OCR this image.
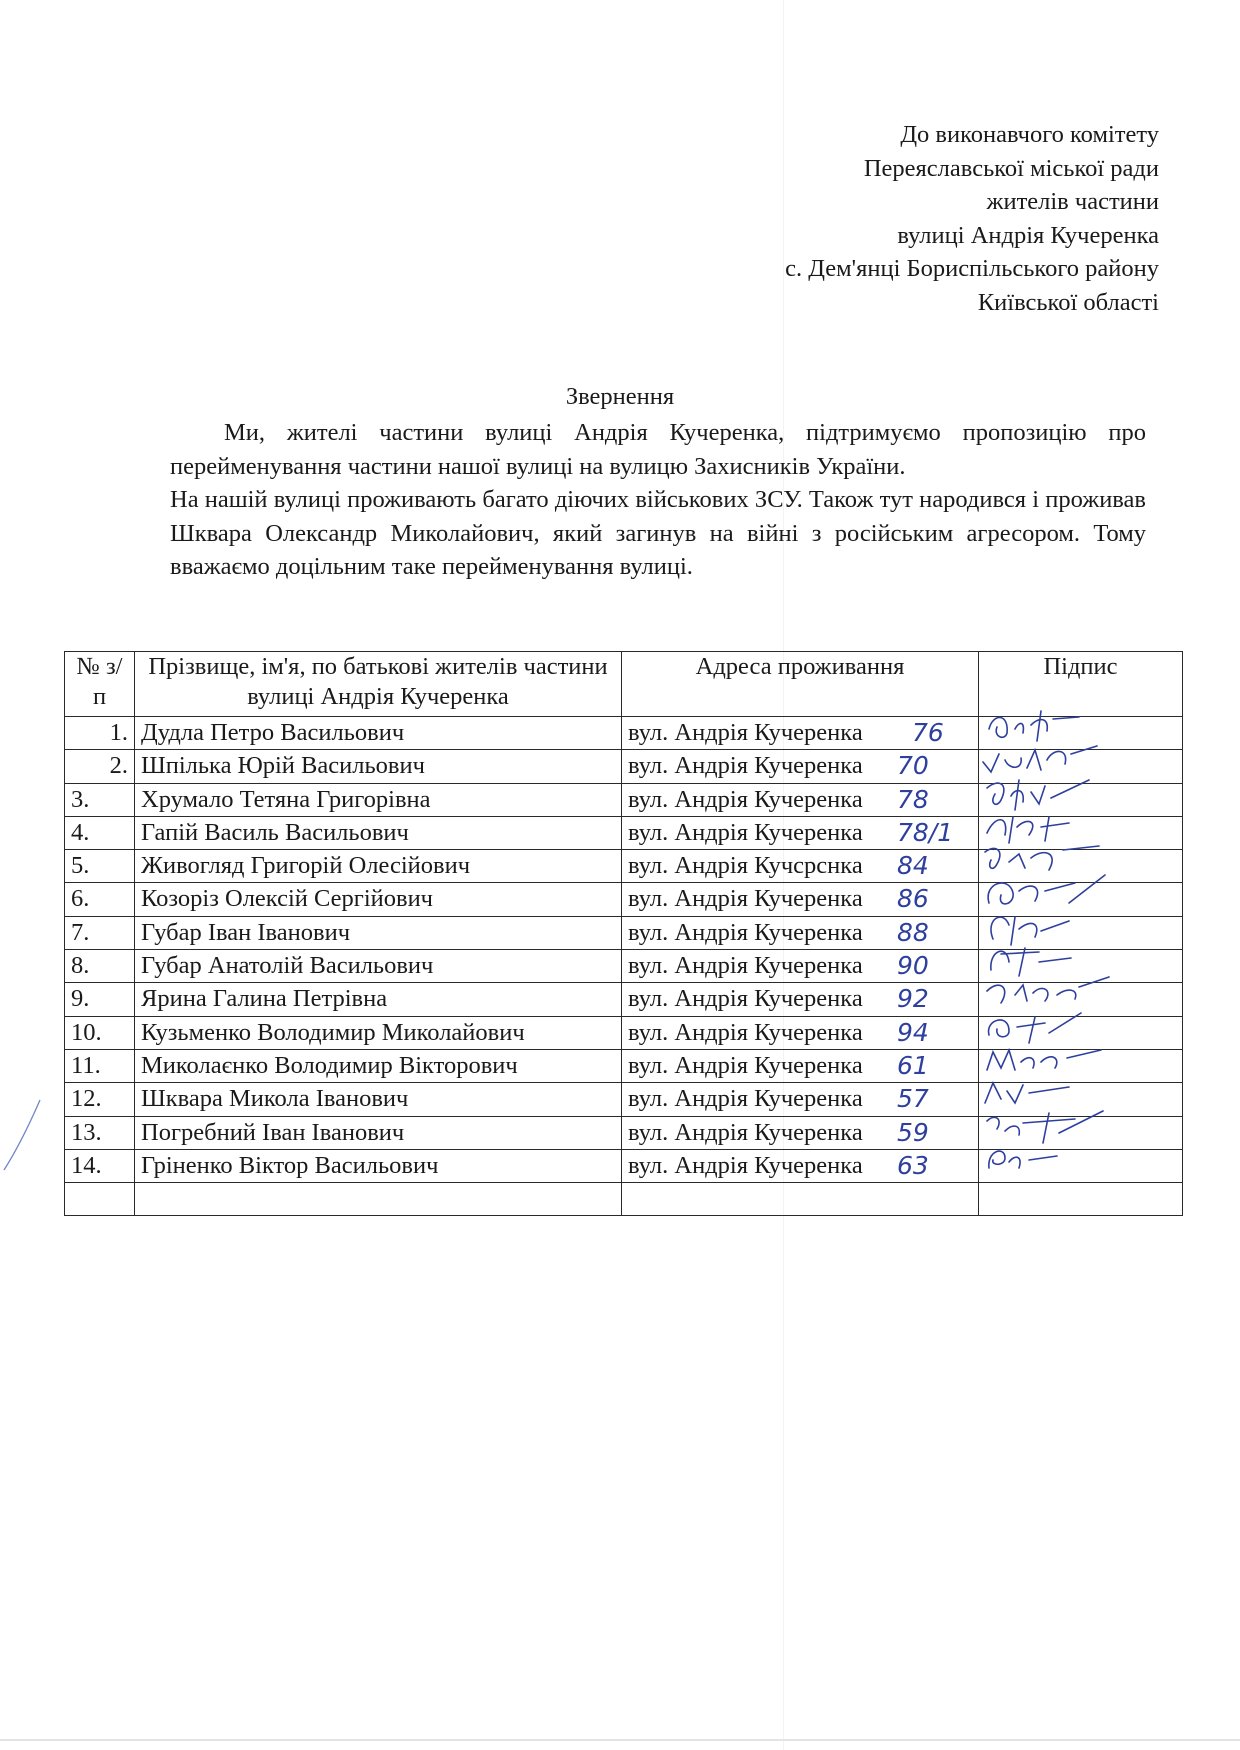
До виконавчого комітету
Переяславської міської ради
жителів частини
вулиці Андрія Кучеренка
с. Дем'янці Бориспільського району
Київської області
Звернення

Ми, жителі частини вулиці Андрія Кучеренка, підтримуємо пропозицію про перейменування частини нашої вулиці на вулицю Захисників України.

На нашій вулиці проживають багато діючих військових ЗСУ. Також тут народився і проживав Шквара Олександр Миколайович, який загинув на війні з російським агресором. Тому вважаємо доцільним таке перейменування вулиці.

№ з/п	Прізвище, ім'я, по батькові жителів частини вулиці Андрія Кучеренка	Адреса проживання	Підпис
1.	Дудла Петро Васильович	вул. Андрія Кучеренка 76

2.	Шпілька Юрій Васильович	вул. Андрія Кучеренка 70

3.	Хрумало Тетяна Григорівна	вул. Андрія Кучеренка 78

4.	Гапій Василь Васильович	вул. Андрія Кучеренка 78/1

5.	Живогляд Григорій Олесійович	вул. Андрія Кучсрснка 84

6.	Козоріз Олексій Сергійович	вул. Андрія Кучеренка 86

7.	Губар Іван Іванович	вул. Андрія Кучеренка 88

8.	Губар Анатолій Васильович	вул. Андрія Кучеренка 90

9.	Ярина Галина Петрівна	вул. Андрія Кучеренка 92

10.	Кузьменко Володимир Миколайович	вул. Андрія Кучеренка 94

11.	Миколаєнко Володимир Вікторович	вул. Андрія Кучеренка 61

12.	Шквара Микола Іванович	вул. Андрія Кучеренка 57

13.	Погребний Іван Іванович	вул. Андрія Кучеренка 59

14.	Гріненко Віктор Васильович	вул. Андрія Кучеренка 63
